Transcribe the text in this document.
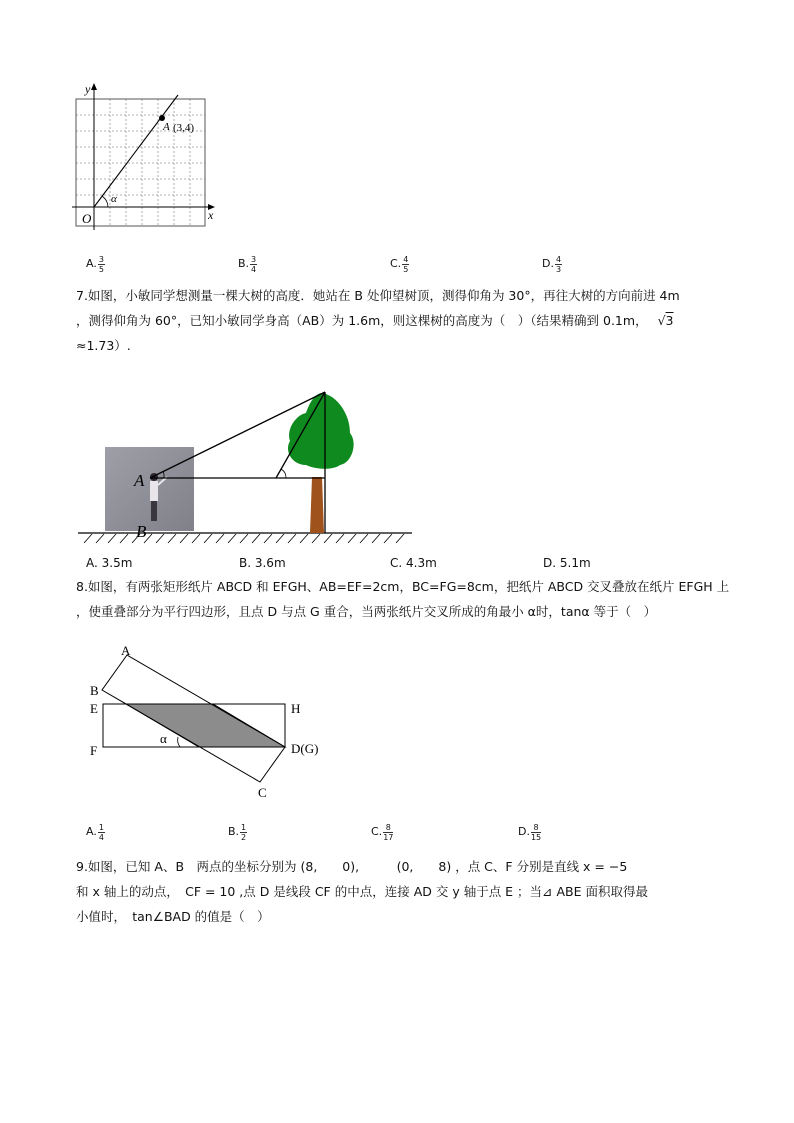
y
x
O
A (3,4)
α
A. $\frac{3}{5}$	B. $\frac{3}{4}$	C. $\frac{4}{5}$	D. $\frac{4}{3}$
7.如图，小敏同学想测量一棵大树的高度．她站在 B 处仰望树顶，测得仰角为 30°，再往大树的方向前进 4m
，测得仰角为 60°，已知小敏同学身高（AB）为 1.6m，则这棵树的高度为（　）（结果精确到 0.1m， √3
≈1.73）.
A
B
A. 3.5m	B. 3.6m	C. 4.3m	D. 5.1m
8.如图，有两张矩形纸片 ABCD 和 EFGH、AB=EF=2cm，BC=FG=8cm，把纸片 ABCD 交叉叠放在纸片 EFGH 上
，使重叠部分为平行四边形，且点 D 与点 G 重合，当两张纸片交叉所成的角最小 α时，tanα 等于（　）
A
B
C
D(G)
E
F
H
α
A. $\frac{1}{4}$	B. $\frac{1}{2}$	C. $\frac{8}{17}$	D. $\frac{8}{15}$
9.如图，已知 A、B　两点的坐标分别为 (8,　　0),　　　(0,　　8) ，点 C、F 分别是直线 x = −5
和 x 轴上的动点，　CF = 10 ,点 D 是线段 CF 的中点，连接 AD 交 y 轴于点 E ；当⊿ ABE 面积取得最
小值时，　tan∠BAD 的值是（　）
